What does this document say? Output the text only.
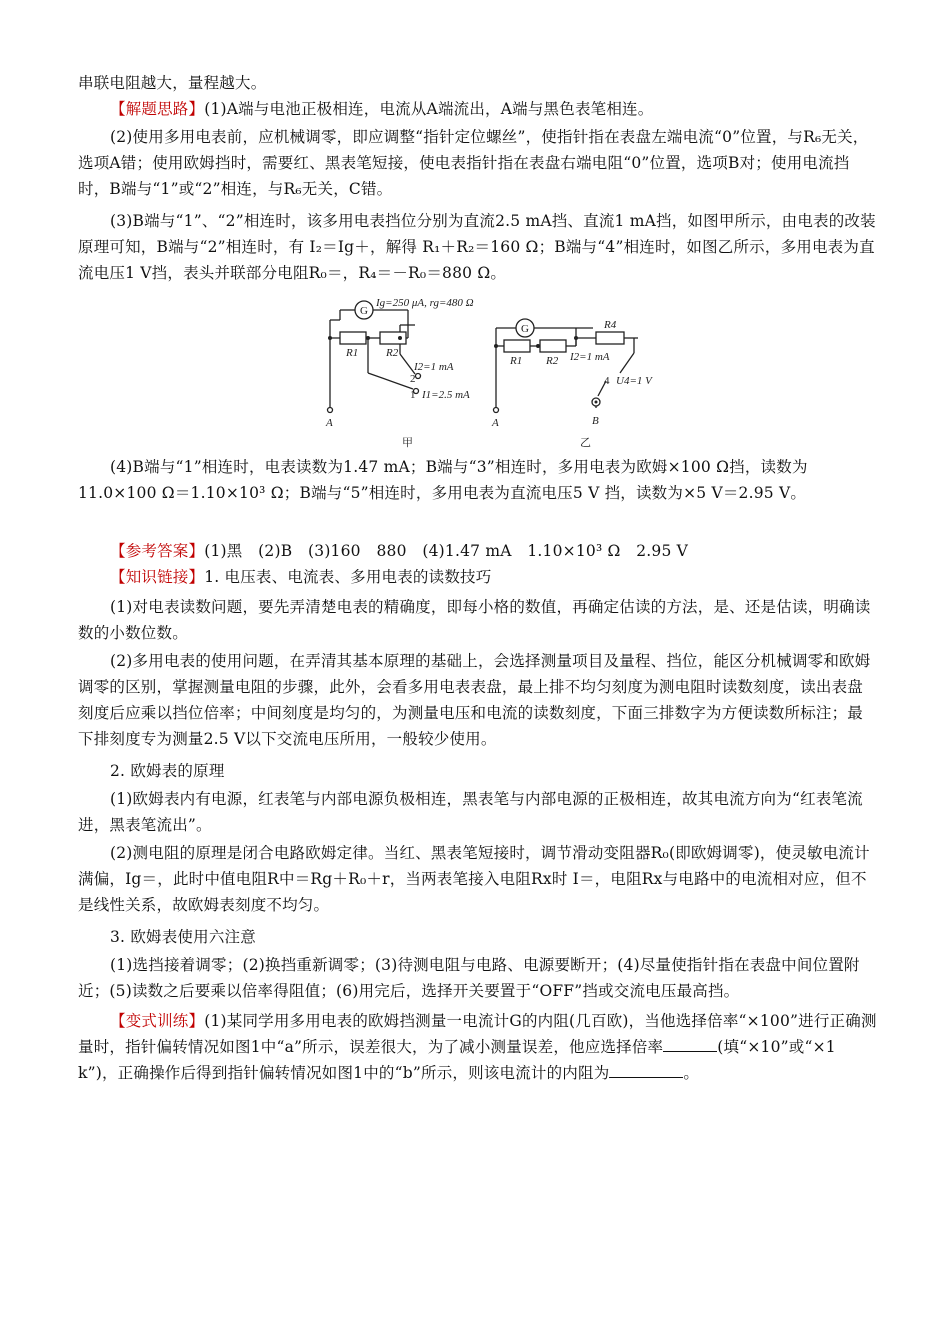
串联电阻越大，量程越大。

【解题思路】(1)A端与电池正极相连，电流从A端流出，A端与黑色表笔相连。

(2)使用多用电表前，应机械调零，即应调整“指针定位螺丝”，使指针指在表盘左端电流“0”位置，与R₆无关，选项A错；使用欧姆挡时，需要红、黑表笔短接，使电表指针指在表盘右端电阻“0”位置，选项B对；使用电流挡时，B端与“1”或“2”相连，与R₆无关，C错。

(3)B端与“1”、“2”相连时，该多用电表挡位分别为直流2.5 mA挡、直流1 mA挡，如图甲所示，由电表的改装原理可知，B端与“2”相连时，有 I₂＝Ig＋，解得 R₁＋R₂＝160 Ω；B端与“4”相连时，如图乙所示，多用电表为直流电压1 V挡，表头并联部分电阻R₀＝，R₄＝－R₀＝880 Ω。

G
Ig=250 μA, rg=480 Ω
R1	R2
I2=1 mA
2
1 I1=2.5 mA
A
甲
G
R1 R2
R4
I2=1 mA
4 U4=1 V
A	B
乙

(4)B端与“1”相连时，电表读数为1.47 mA；B端与“3”相连时，多用电表为欧姆×100 Ω挡，读数为11.0×100 Ω＝1.10×10³ Ω；B端与“5”相连时，多用电表为直流电压5 V 挡，读数为×5 V＝2.95 V。

【参考答案】(1)黑　(2)B　(3)160　880　(4)1.47 mA　1.10×10³ Ω　2.95 V

【知识链接】1. 电压表、电流表、多用电表的读数技巧

(1)对电表读数问题，要先弄清楚电表的精确度，即每小格的数值，再确定估读的方法，是、还是估读，明确读数的小数位数。

(2)多用电表的使用问题，在弄清其基本原理的基础上，会选择测量项目及量程、挡位，能区分机械调零和欧姆调零的区别，掌握测量电阻的步骤，此外，会看多用电表表盘，最上排不均匀刻度为测电阻时读数刻度，读出表盘刻度后应乘以挡位倍率；中间刻度是均匀的，为测量电压和电流的读数刻度，下面三排数字为方便读数所标注；最下排刻度专为测量2.5 V以下交流电压所用，一般较少使用。

2. 欧姆表的原理

(1)欧姆表内有电源，红表笔与内部电源负极相连，黑表笔与内部电源的正极相连，故其电流方向为“红表笔流进，黑表笔流出”。

(2)测电阻的原理是闭合电路欧姆定律。当红、黑表笔短接时，调节滑动变阻器R₀(即欧姆调零)，使灵敏电流计满偏，Ig＝，此时中值电阻R中＝Rg＋R₀＋r，当两表笔接入电阻Rx时 I＝，电阻Rx与电路中的电流相对应，但不是线性关系，故欧姆表刻度不均匀。

3. 欧姆表使用六注意

(1)选挡接着调零；(2)换挡重新调零；(3)待测电阻与电路、电源要断开；(4)尽量使指针指在表盘中间位置附近；(5)读数之后要乘以倍率得阻值；(6)用完后，选择开关要置于“OFF”挡或交流电压最高挡。

【变式训练】(1)某同学用多用电表的欧姆挡测量一电流计G的内阻(几百欧)，当他选择倍率“×100”进行正确测量时，指针偏转情况如图1中“a”所示，误差很大，为了减小测量误差，他应选择倍率	(填“×10”或“×1 k”)，正确操作后得到指针偏转情况如图1中的“b”所示，则该电流计的内阻为	。
